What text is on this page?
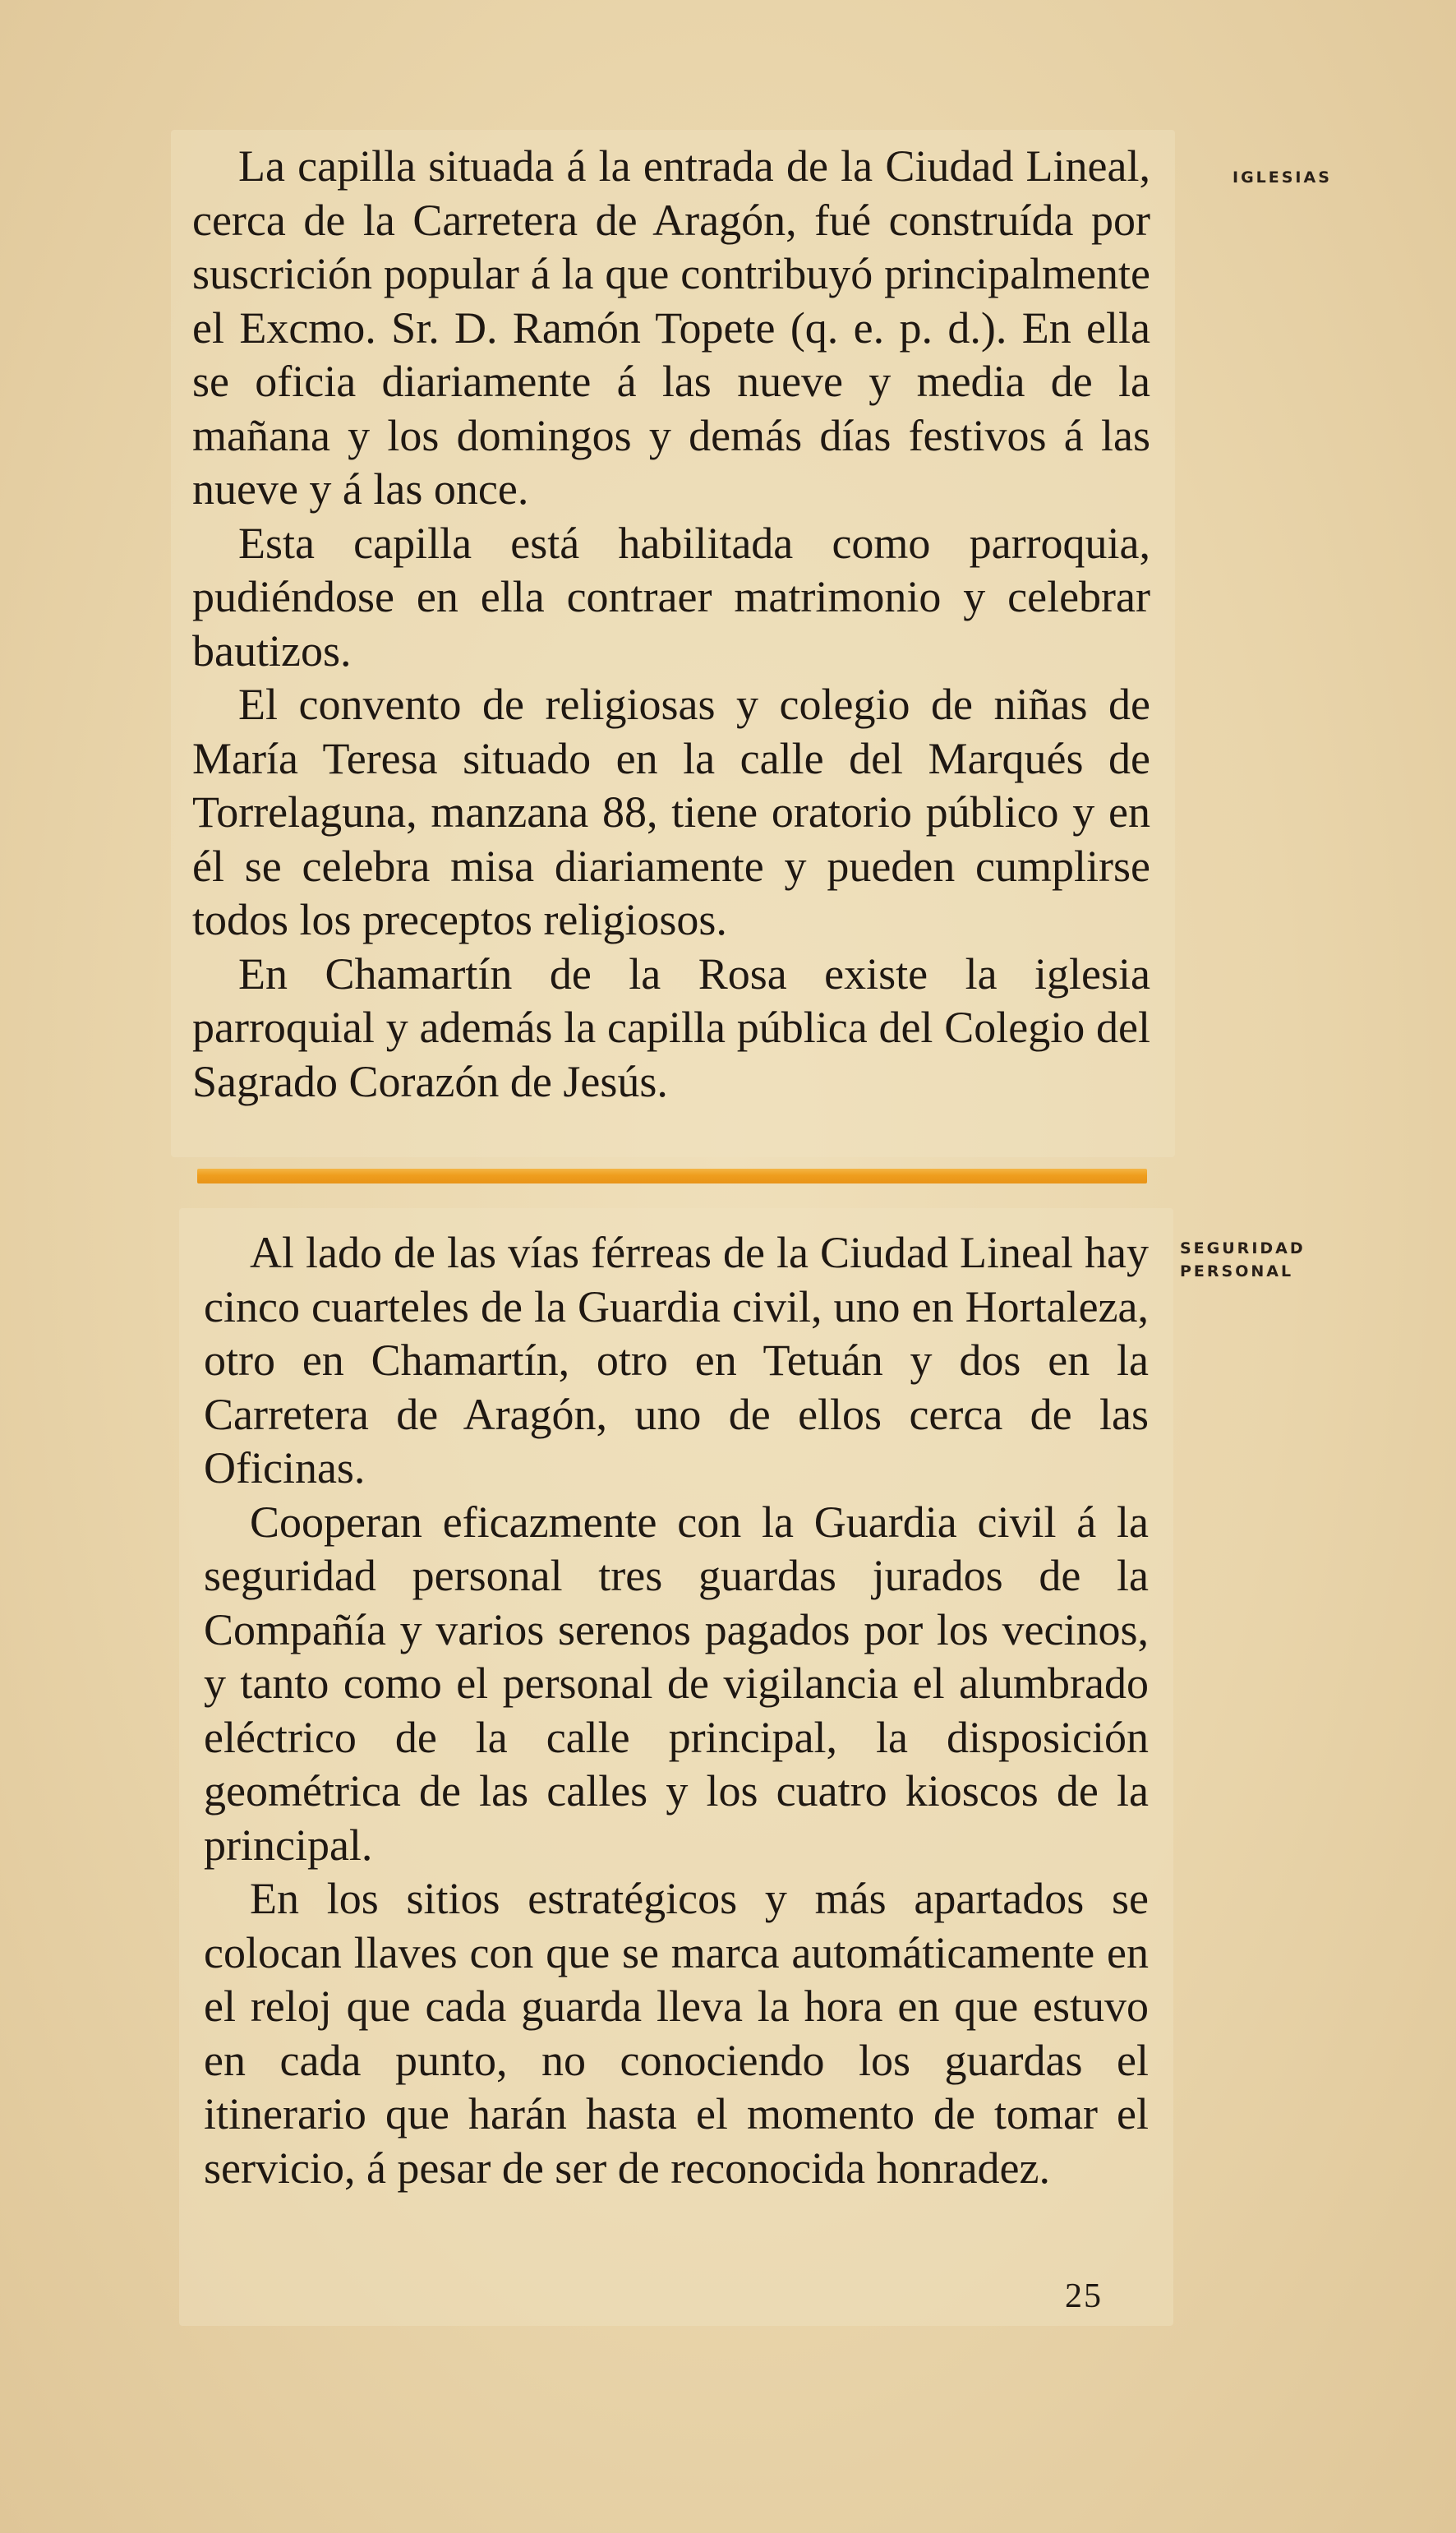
La capilla situada á la entrada de la Ciudad Lineal, cerca de la Carretera de Aragón, fué construída por suscrición popular á la que contribuyó principalmente el Excmo. Sr. D. Ramón Topete (q. e. p. d.). En ella se oficia diariamente á las nueve y media de la mañana y los domingos y demás días festivos á las nueve y á las once.

Esta capilla está habilitada como parroquia, pudiéndose en ella contraer matrimonio y celebrar bautizos.

El convento de religiosas y colegio de niñas de María Teresa situado en la calle del Marqués de Torrelaguna, manzana 88, tiene oratorio público y en él se celebra misa diariamente y pueden cumplirse todos los preceptos religiosos.

En Chamartín de la Rosa existe la iglesia parroquial y además la capilla pública del Colegio del Sagrado Corazón de Jesús.

IGLESIAS

Al lado de las vías férreas de la Ciudad Lineal hay cinco cuarteles de la Guardia civil, uno en Hortaleza, otro en Chamartín, otro en Tetuán y dos en la Carretera de Aragón, uno de ellos cerca de las Oficinas.

Cooperan eficazmente con la Guardia civil á la seguridad personal tres guardas jurados de la Compañía y varios serenos pagados por los vecinos, y tanto como el personal de vigilancia el alumbrado eléctrico de la calle principal, la disposición geométrica de las calles y los cuatro kioscos de la principal.

En los sitios estratégicos y más apartados se colocan llaves con que se marca automáticamente en el reloj que cada guarda lleva la hora en que estuvo en cada punto, no conociendo los guardas el itinerario que harán hasta el momento de tomar el servicio, á pesar de ser de reconocida honradez.

SEGURIDAD
PERSONAL
25
